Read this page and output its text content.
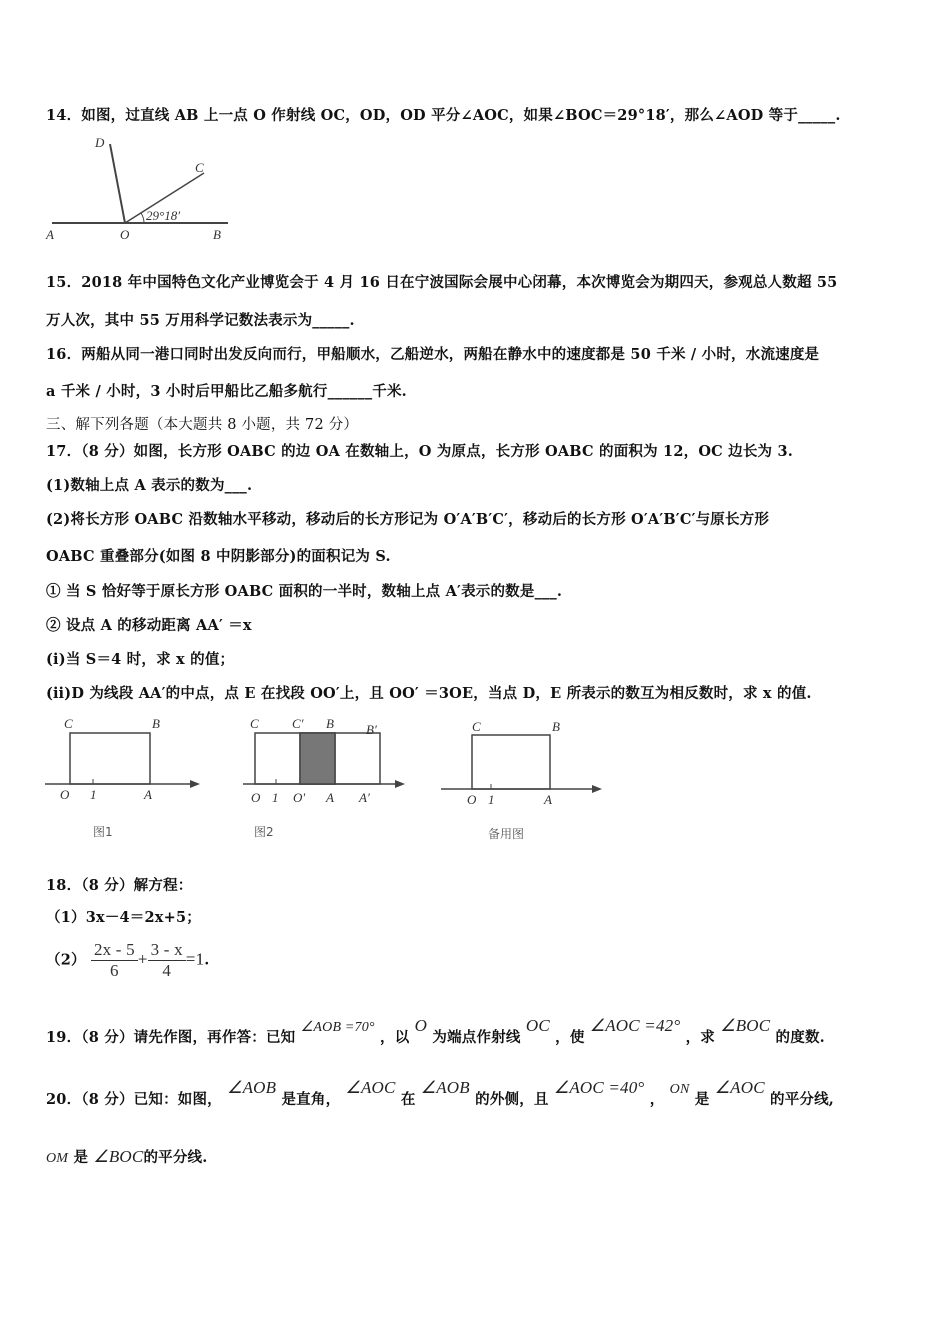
14．如图，过直线 AB 上一点 O 作射线 OC，OD，OD 平分∠AOC，如果∠BOC＝29°18′，那么∠AOD 等于_____.
D
C
29°18′
A	O	B
15．2018 年中国特色文化产业博览会于 4 月 16 日在宁波国际会展中心闭幕，本次博览会为期四天，参观总人数超 55
万人次，其中 55 万用科学记数法表示为_____.
16．两船从同一港口同时出发反向而行，甲船顺水，乙船逆水，两船在静水中的速度都是 50 千米 / 小时，水流速度是
a 千米 / 小时，3 小时后甲船比乙船多航行______千米.
三、解下列各题（本大题共 8 小题，共 72 分）
17．（8 分）如图，长方形 OABC 的边 OA 在数轴上，O 为原点，长方形 OABC 的面积为 12，OC 边长为 3.
(1)数轴上点 A 表示的数为___.
(2)将长方形 OABC 沿数轴水平移动，移动后的长方形记为 O′A′B′C′，移动后的长方形 O′A′B′C′与原长方形
OABC 重叠部分(如图 8 中阴影部分)的面积记为 S.
① 当 S 恰好等于原长方形 OABC 面积的一半时，数轴上点 A′表示的数是___.
② 设点 A 的移动距离 AA′ ＝x
(ⅰ)当 S＝4 时，求 x 的值；
(ⅱ)D 为线段 AA′的中点，点 E 在找段 OO′上，且 OO′ ＝3OE，当点 D，E 所表示的数互为相反数时，求 x 的值.
C	B
O 1	A
图1
C	C′ B B′
O 1 O′ A A′
图2
C	B
O 1	A
备用图
18．（8 分）解方程：
（1）3x－4＝2x+5；
$(2) \frac{2x - 5}{6} + \frac{3 - x}{4} =1$.
19．（8 分）请先作图，再作答：已知 ∠AOB =70° ，以 O 为端点作射线 OC ，使 ∠AOC =42° ，求 ∠BOC 的度数.
20．（8 分）已知：如图， ∠AOB 是直角， ∠AOC 在 ∠AOB 的外侧，且 ∠AOC =40° ， ON 是 ∠AOC 的平分线,
OM 是 ∠BOC的平分线.
